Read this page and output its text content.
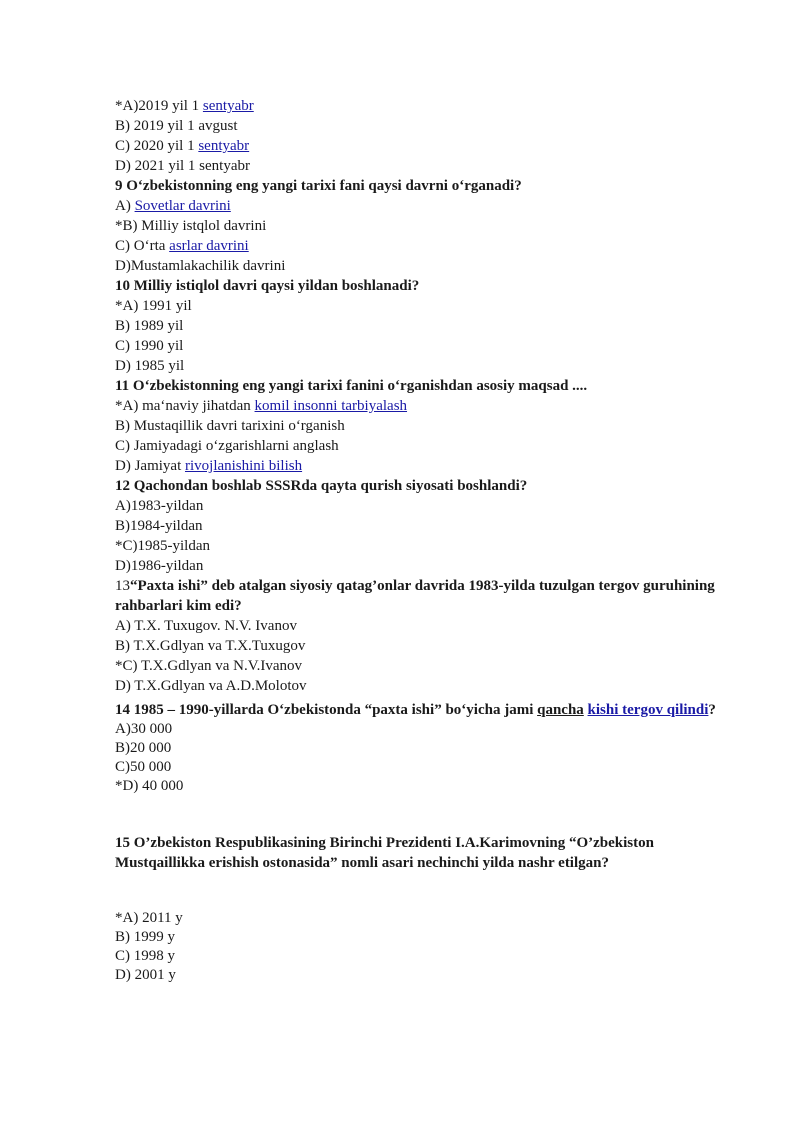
*A)2019 yil 1 sentyabr
B) 2019 yil 1 avgust
C) 2020 yil 1 sentyabr
D) 2021 yil 1 sentyabr
9 O‘zbekistonning eng yangi tarixi fani qaysi davrni o‘rganadi?
A) Sovetlar davrini
*B) Milliy istqlol davrini
C) O‘rta asrlar davrini
D)Mustamlakachilik davrini
10 Milliy istiqlol davri qaysi yildan boshlanadi?
*A) 1991 yil
B) 1989 yil
C) 1990 yil
D) 1985 yil
11 O‘zbekistonning eng yangi tarixi fanini o‘rganishdan asosiy maqsad ....
*A) ma‘naviy jihatdan komil insonni tarbiyalash
B) Mustaqillik davri tarixini o‘rganish
C) Jamiyadagi o‘zgarishlarni anglash
D) Jamiyat rivojlanishini bilish
12 Qachondan boshlab SSSRda qayta qurish siyosati boshlandi?
A)1983-yildan
B)1984-yildan
*C)1985-yildan
D)1986-yildan
13“Paxta ishi” deb atalgan siyosiy qatag’onlar davrida 1983-yilda tuzulgan tergov guruhining rahbarlari kim edi?
A) T.X. Tuxugov. N.V. Ivanov
B) T.X.Gdlyan va T.X.Tuxugov
*C) T.X.Gdlyan va N.V.Ivanov
D) T.X.Gdlyan va A.D.Molotov
14 1985 – 1990-yillarda O‘zbekistonda “paxta ishi” bo‘yicha jami qancha kishi tergov qilindi?
A)30 000
B)20 000
C)50 000
*D) 40 000
15 O’zbekiston Respublikasining Birinchi Prezidenti I.A.Karimovning “O’zbekiston Mustqaillikka erishish ostonasida” nomli asari nechinchi yilda nashr etilgan?
*A) 2011 y
B) 1999 y
C) 1998 y
D) 2001 y
